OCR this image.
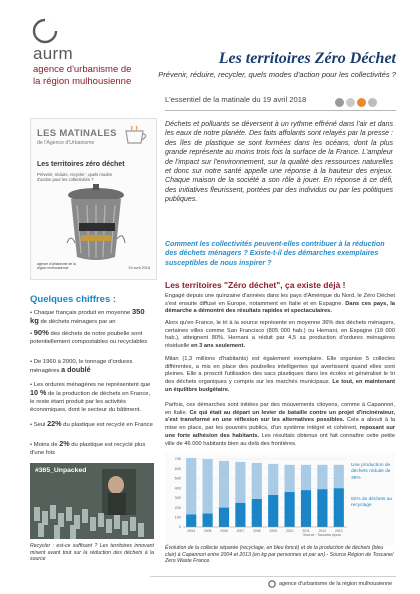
aurm
agence d'urbanisme de
la région mulhousienne
Les territoires Zéro Déchet
Prévenir, réduire, recycler, quels modes d'action pour les collectivités ?
L'essentiel de la matinale du 19 avril 2018
LES MATINALES
de l'Agence d'Urbanisme
Les territoires zéro déchet
Prévenir, réduire, recycler : quels modes d'action pour les collectivités ?
agence d'urbanisme de la région mulhousienne	19 avril 2018
Déchets et polluants se déversent à un rythme effréné dans l'air et dans les eaux de notre planète. Des faits affolants sont relayés par la presse : des îles de plastique se sont formées dans les océans, dont la plus grande représente au moins trois fois la surface de la France. L'ampleur de l'impact sur l'environnement, sur la qualité des ressources naturelles et donc sur notre santé appelle une réponse à la hauteur des enjeux. Chaque maison de la société a son rôle à jouer. En réponse à ce défi, des initiatives fleurissent, portées par des individus ou par les politiques publiques.
Comment les collectivités peuvent-elles contribuer à la réduction des déchets ménagers ? Existe-t-il des démarches exemplaires susceptibles de nous inspirer ?
Les territoires "Zéro déchet", ça existe déjà !
Engagé depuis une quinzaine d'années dans les pays d'Amérique du Nord, le Zéro Déchet s'est ensuite diffusé en Europe, notamment en Italie et en Espagne. Dans ces pays, la démarche a démontré des résultats rapides et spectaculaires.
Alors qu'en France, le tri à la source représente en moyenne 36% des déchets ménagers, certaines villes comme San Francisco (805 000 hab.) ou Hernani, en Espagne (19 000 hab.), atteignent 80%. Hernani a réduit par 4,5 sa production d'ordures ménagères résiduelle en 3 ans seulement.
Milan (1,3 millions d'habitants) est également exemplaire. Elle organise 5 collectes différentes, a mis en place des poubelles intelligentes qui avertissent quand elles sont pleines. Elle a proscrit l'utilisation des sacs plastiques dans les écoles et généralisé le tri des déchets organiques y compris sur les marchés municipaux. Le tout, en maintenant un équilibre budgétaire.
Parfois, ces démarches sont initiées par des mouvements citoyens, comme à Capannori, en Italie. Ce qui était au départ un levier de bataille contre un projet d'incinérateur, s'est transformé en une réflexion sur les alternatives possibles. Cela a abouti à la mise en place, par les pouvoirs publics, d'un système intégré et cohérent, reposant sur une forte adhésion des habitants. Les résultats obtenus ont fait connaître cette petite ville de 46 000 habitants bien au delà des frontières.
Quelques chiffres :
• Chaque français produit en moyenne 350 kg de déchets ménagers par an
• 90% des déchets de notre poubelle sont potentiellement compostables ou recyclables
• De 1960 à 2000, le tonnage d'ordures ménagères a doublé
• Les ordures ménagères ne représentent que 10 % de la production de déchets en France, le reste étant produit par les activités économiques, dont le secteur du bâtiment.
• Seul 22% du plastique est recyclé en France
• Moins de 2% du plastique est recyclé plus d'une fois
#365_Unpacked
Recycler : est-ce suffisant ? Les territoires innovant misent avant tout sur la réduction des déchets à la source
0
100
200
300
400
500
600
700
2004	2005	2006	2007	2008	2009	2010	2011	2012	2013
Une production de déchets réduite de 39%
82% de déchets au recyclage
Source : Toscana ripuro
Évolution de la collecte séparée (recyclage, en bleu foncé) et de la production de déchets (bleu clair) à Capannori entre 2004 et 2013 (en kg par personnes et par an) - Source Région de Toscane/ Zero Waste France.
agence d'urbanisme de la région mulhousienne
